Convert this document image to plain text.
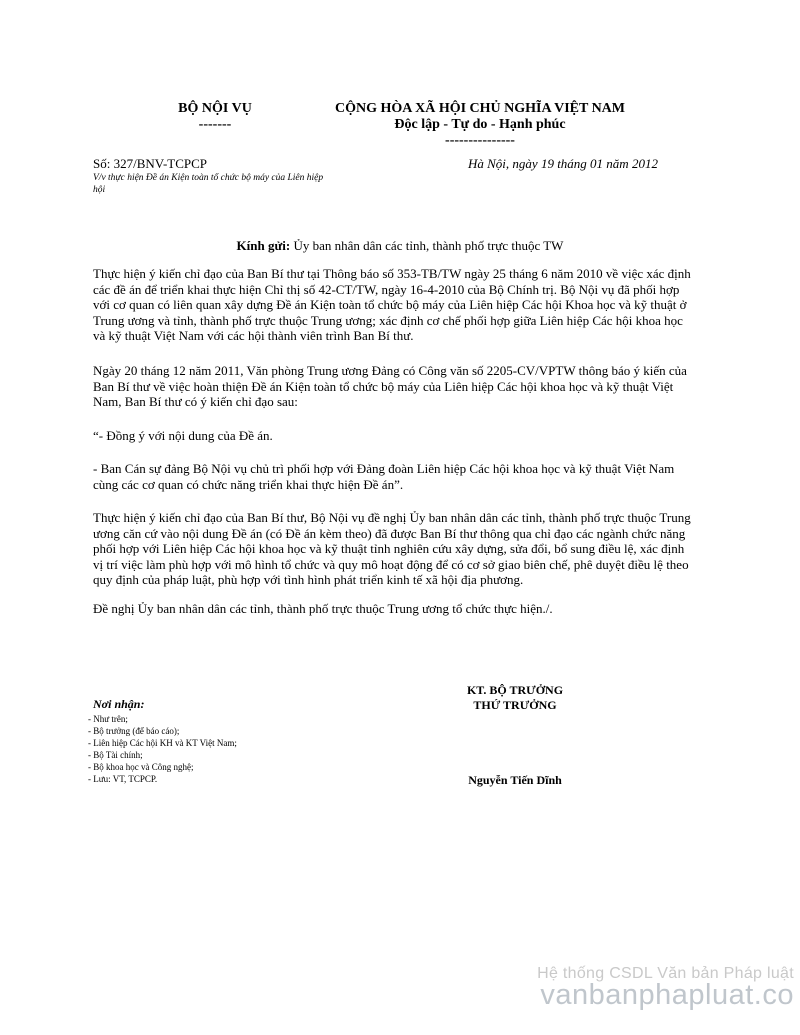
BỘ NỘI VỤ
-------
CỘNG HÒA XÃ HỘI CHỦ NGHĨA VIỆT NAM
Độc lập - Tự do - Hạnh phúc
---------------
Số: 327/BNV-TCPCP	Hà Nội, ngày 19 tháng 01 năm 2012
V/v thực hiện Đề án Kiện toàn tổ chức bộ máy của Liên hiệp hội
Kính gửi: Ủy ban nhân dân các tỉnh, thành phố trực thuộc TW

Thực hiện ý kiến chỉ đạo của Ban Bí thư tại Thông báo số 353-TB/TW ngày 25 tháng 6 năm 2010 về việc xác định các đề án để triển khai thực hiện Chỉ thị số 42-CT/TW, ngày 16-4-2010 của Bộ Chính trị. Bộ Nội vụ đã phối hợp với cơ quan có liên quan xây dựng Đề án Kiện toàn tổ chức bộ máy của Liên hiệp Các hội Khoa học và kỹ thuật ở Trung ương và tỉnh, thành phố trực thuộc Trung ương; xác định cơ chế phối hợp giữa Liên hiệp Các hội khoa học và kỹ thuật Việt Nam với các hội thành viên trình Ban Bí thư.

Ngày 20 tháng 12 năm 2011, Văn phòng Trung ương Đảng có Công văn số 2205-CV/VPTW thông báo ý kiến của Ban Bí thư về việc hoàn thiện Đề án Kiện toàn tổ chức bộ máy của Liên hiệp Các hội khoa học và kỹ thuật Việt Nam, Ban Bí thư có ý kiến chỉ đạo sau:

“- Đồng ý với nội dung của Đề án.

- Ban Cán sự đảng Bộ Nội vụ chủ trì phối hợp với Đảng đoàn Liên hiệp Các hội khoa học và kỹ thuật Việt Nam cùng các cơ quan có chức năng triển khai thực hiện Đề án”.

Thực hiện ý kiến chỉ đạo của Ban Bí thư, Bộ Nội vụ đề nghị Ủy ban nhân dân các tỉnh, thành phố trực thuộc Trung ương căn cứ vào nội dung Đề án (có Đề án kèm theo) đã được Ban Bí thư thông qua chỉ đạo các ngành chức năng phối hợp với Liên hiệp Các hội khoa học và kỹ thuật tỉnh nghiên cứu xây dựng, sửa đổi, bổ sung điều lệ, xác định vị trí việc làm phù hợp với mô hình tổ chức và quy mô hoạt động để có cơ sở giao biên chế, phê duyệt điều lệ theo quy định của pháp luật, phù hợp với tình hình phát triển kinh tế xã hội địa phương.

Đề nghị Ủy ban nhân dân các tỉnh, thành phố trực thuộc Trung ương tổ chức thực hiện./.

KT. BỘ TRƯỞNG
THỨ TRƯỞNG
Nguyễn Tiến Dĩnh
Nơi nhận:
- Như trên;
- Bộ trưởng (để báo cáo);
- Liên hiệp Các hội KH và KT Việt Nam;
- Bộ Tài chính;
- Bộ khoa học và Công nghệ;
- Lưu: VT, TCPCP.
Hệ thống CSDL Văn bản Pháp luật
vanbanphapluat.co
